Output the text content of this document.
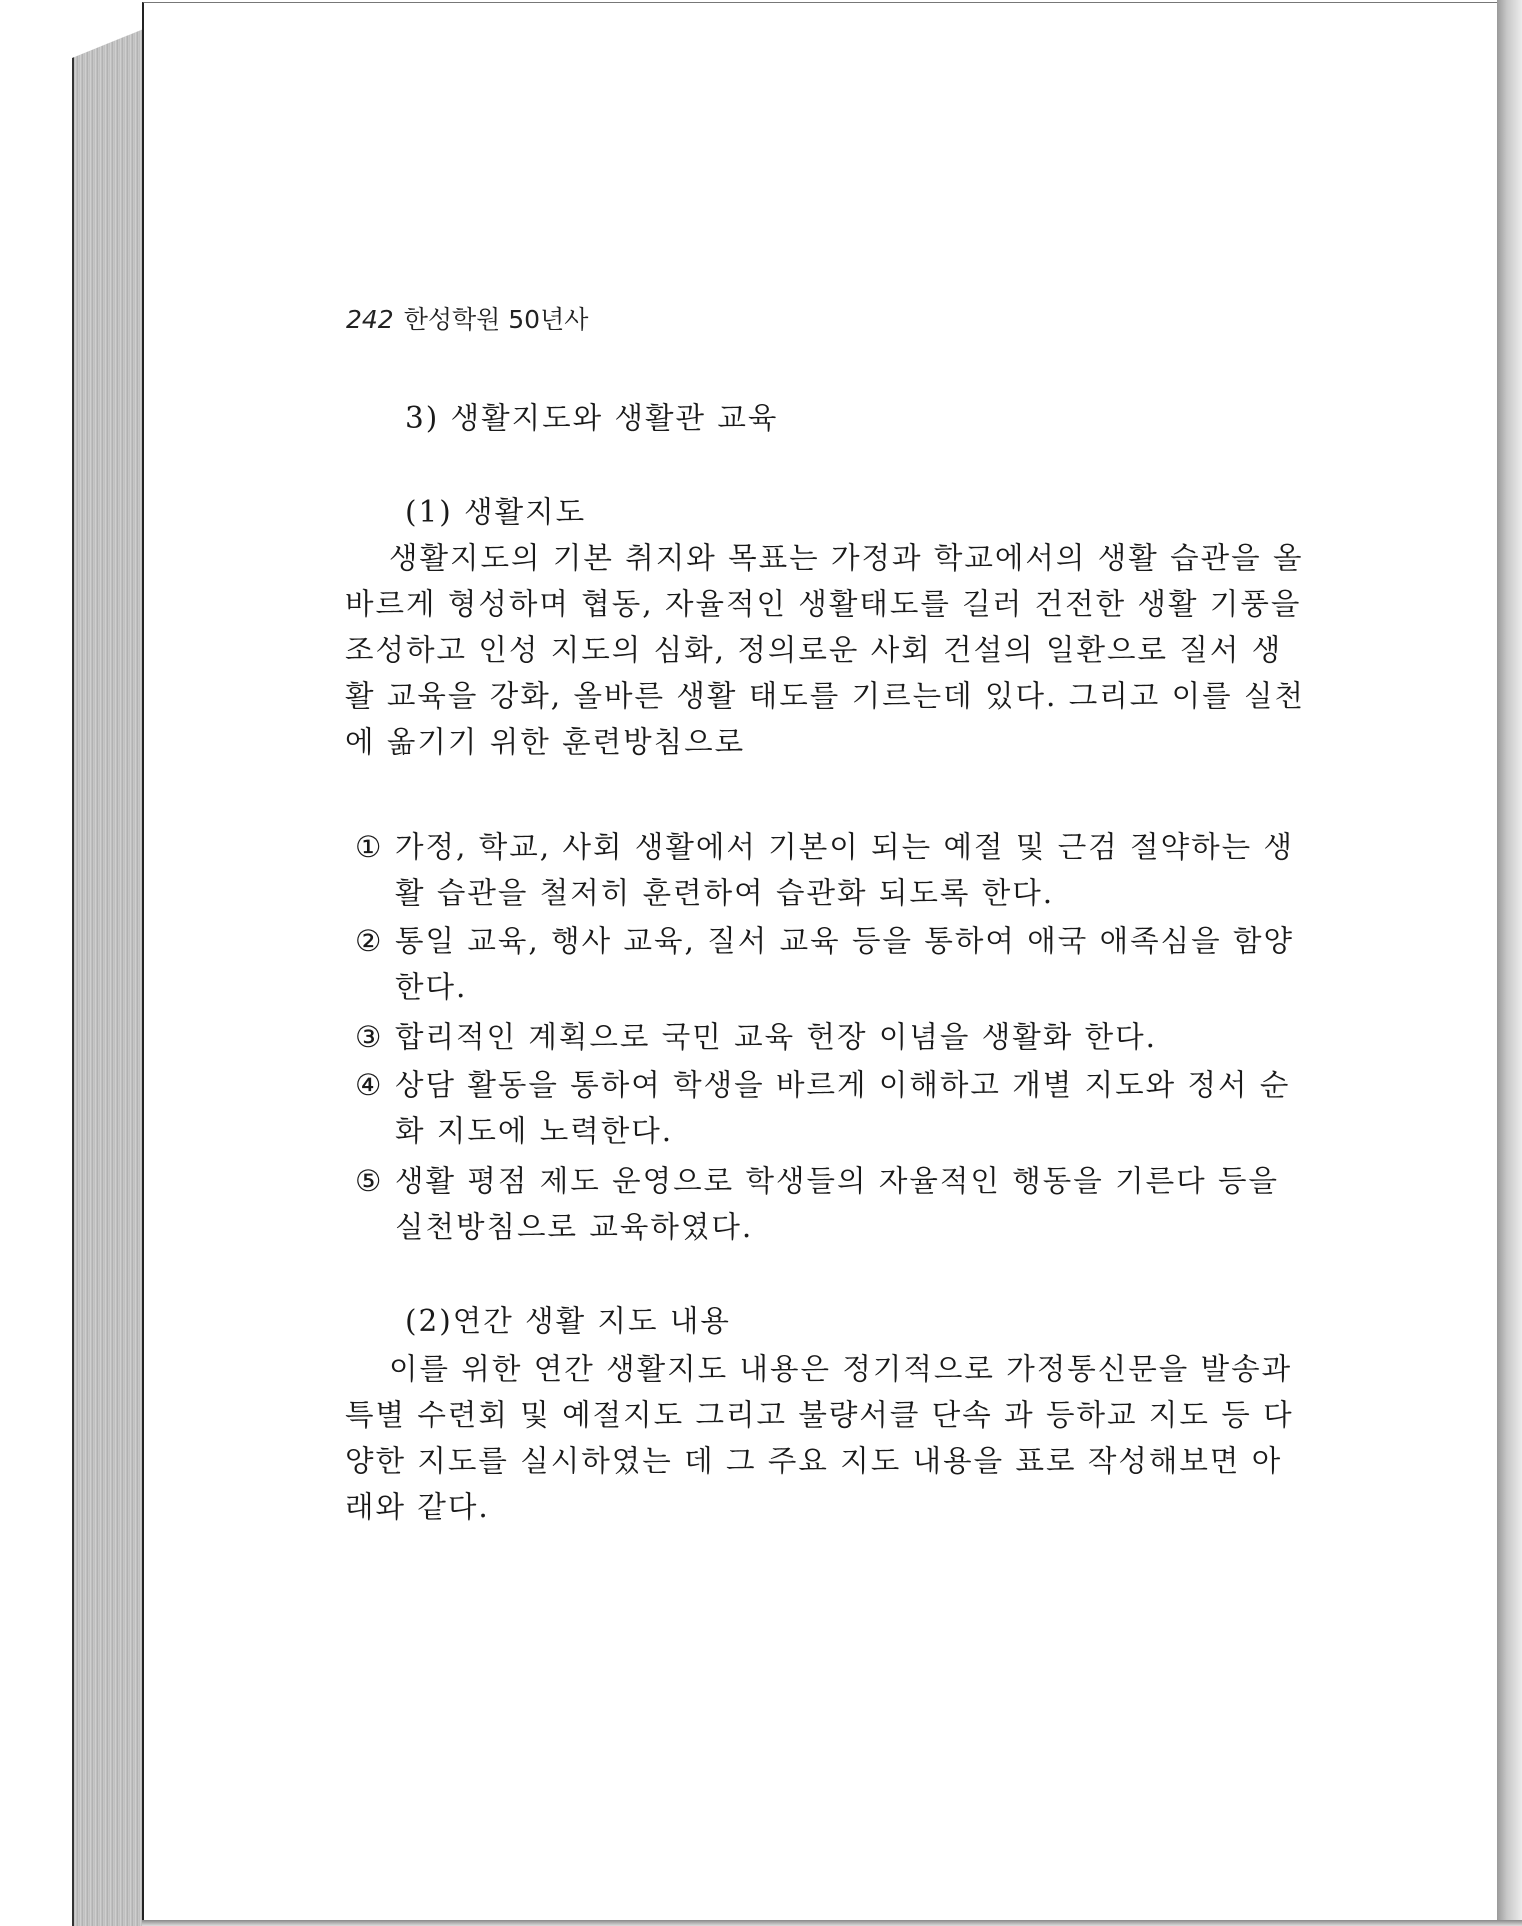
242 한성학원 50년사
3) 생활지도와 생활관 교육
(1) 생활지도
생활지도의 기본 취지와 목표는 가정과 학교에서의 생활 습관을 올
바르게 형성하며 협동, 자율적인 생활태도를 길러 건전한 생활 기풍을
조성하고 인성 지도의 심화, 정의로운 사회 건설의 일환으로 질서 생
활 교육을 강화, 올바른 생활 태도를 기르는데 있다. 그리고 이를 실천
에 옮기기 위한 훈련방침으로
① 가정, 학교, 사회 생활에서 기본이 되는 예절 및 근검 절약하는 생
활 습관을 철저히 훈련하여 습관화 되도록 한다.
② 통일 교육, 행사 교육, 질서 교육 등을 통하여 애국 애족심을 함양
한다.
③ 합리적인 계획으로 국민 교육 헌장 이념을 생활화 한다.
④ 상담 활동을 통하여 학생을 바르게 이해하고 개별 지도와 정서 순
화 지도에 노력한다.
⑤ 생활 평점 제도 운영으로 학생들의 자율적인 행동을 기른다 등을
실천방침으로 교육하였다.
(2)연간 생활 지도 내용
이를 위한 연간 생활지도 내용은 정기적으로 가정통신문을 발송과
특별 수련회 및 예절지도 그리고 불량서클 단속 과 등하교 지도 등 다
양한 지도를 실시하였는 데 그 주요 지도 내용을 표로 작성해보면 아
래와 같다.
